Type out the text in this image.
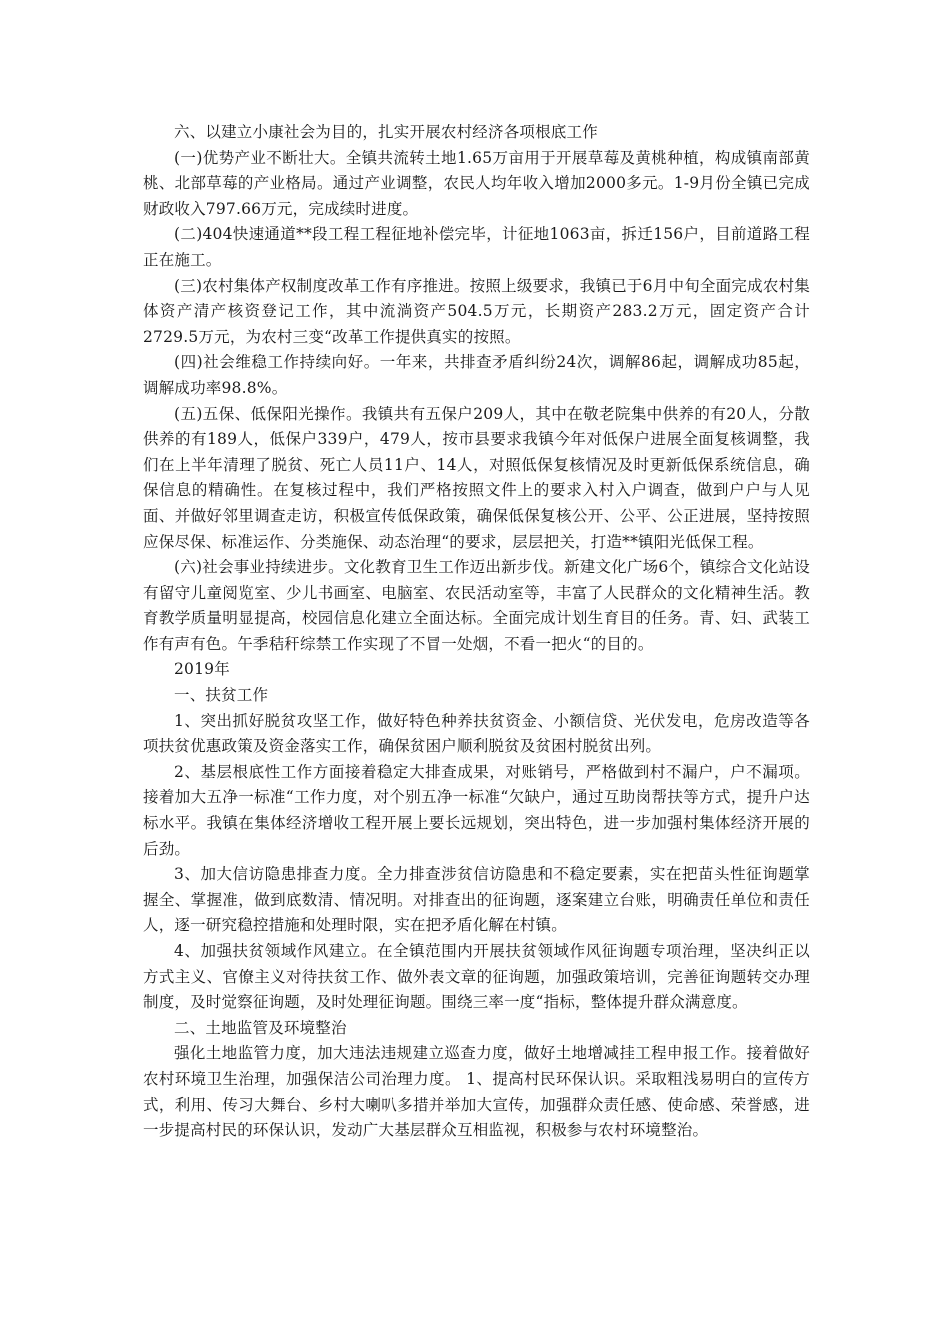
六、以建立小康社会为目的，扎实开展农村经济各项根底工作

(一)优势产业不断壮大。全镇共流转土地1.65万亩用于开展草莓及黄桃种植，构成镇南部黄桃、北部草莓的产业格局。通过产业调整，农民人均年收入增加2000多元。1-9月份全镇已完成财政收入797.66万元，完成续时进度。

(二)404快速通道**段工程工程征地补偿完毕，计征地1063亩，拆迁156户，目前道路工程正在施工。

(三)农村集体产权制度改革工作有序推进。按照上级要求，我镇已于6月中旬全面完成农村集体资产清产核资登记工作，其中流淌资产504.5万元，长期资产283.2万元，固定资产合计2729.5万元，为农村三变“改革工作提供真实的按照。

(四)社会维稳工作持续向好。一年来，共排查矛盾纠纷24次，调解86起，调解成功85起，调解成功率98.8%。

(五)五保、低保阳光操作。我镇共有五保户209人，其中在敬老院集中供养的有20人，分散供养的有189人，低保户339户，479人，按市县要求我镇今年对低保户进展全面复核调整，我们在上半年清理了脱贫、死亡人员11户、14人，对照低保复核情况及时更新低保系统信息，确保信息的精确性。在复核过程中，我们严格按照文件上的要求入村入户调查，做到户户与人见面、并做好邻里调查走访，积极宣传低保政策，确保低保复核公开、公平、公正进展，坚持按照应保尽保、标准运作、分类施保、动态治理“的要求，层层把关，打造**镇阳光低保工程。

(六)社会事业持续进步。文化教育卫生工作迈出新步伐。新建文化广场6个，镇综合文化站设有留守儿童阅览室、少儿书画室、电脑室、农民活动室等，丰富了人民群众的文化精神生活。教育教学质量明显提高，校园信息化建立全面达标。全面完成计划生育目的任务。青、妇、武装工作有声有色。午季秸秆综禁工作实现了不冒一处烟，不看一把火“的目的。

2019年

一、扶贫工作

1、突出抓好脱贫攻坚工作，做好特色种养扶贫资金、小额信贷、光伏发电，危房改造等各项扶贫优惠政策及资金落实工作，确保贫困户顺利脱贫及贫困村脱贫出列。

2、基层根底性工作方面接着稳定大排查成果，对账销号，严格做到村不漏户，户不漏项。接着加大五净一标准“工作力度，对个别五净一标准“欠缺户，通过互助岗帮扶等方式，提升户达标水平。我镇在集体经济增收工程开展上要长远规划，突出特色，进一步加强村集体经济开展的后劲。

3、加大信访隐患排查力度。全力排查涉贫信访隐患和不稳定要素，实在把苗头性征询题掌握全、掌握准，做到底数清、情况明。对排查出的征询题，逐案建立台账，明确责任单位和责任人，逐一研究稳控措施和处理时限，实在把矛盾化解在村镇。

4、加强扶贫领域作风建立。在全镇范围内开展扶贫领域作风征询题专项治理，坚决纠正以方式主义、官僚主义对待扶贫工作、做外表文章的征询题，加强政策培训，完善征询题转交办理制度，及时觉察征询题，及时处理征询题。围绕三率一度“指标，整体提升群众满意度。

二、土地监管及环境整治

强化土地监管力度，加大违法违规建立巡查力度，做好土地增减挂工程申报工作。接着做好农村环境卫生治理，加强保洁公司治理力度。 1、提高村民环保认识。采取粗浅易明白的宣传方式，利用、传习大舞台、乡村大喇叭多措并举加大宣传，加强群众责任感、使命感、荣誉感，进一步提高村民的环保认识，发动广大基层群众互相监视，积极参与农村环境整治。
